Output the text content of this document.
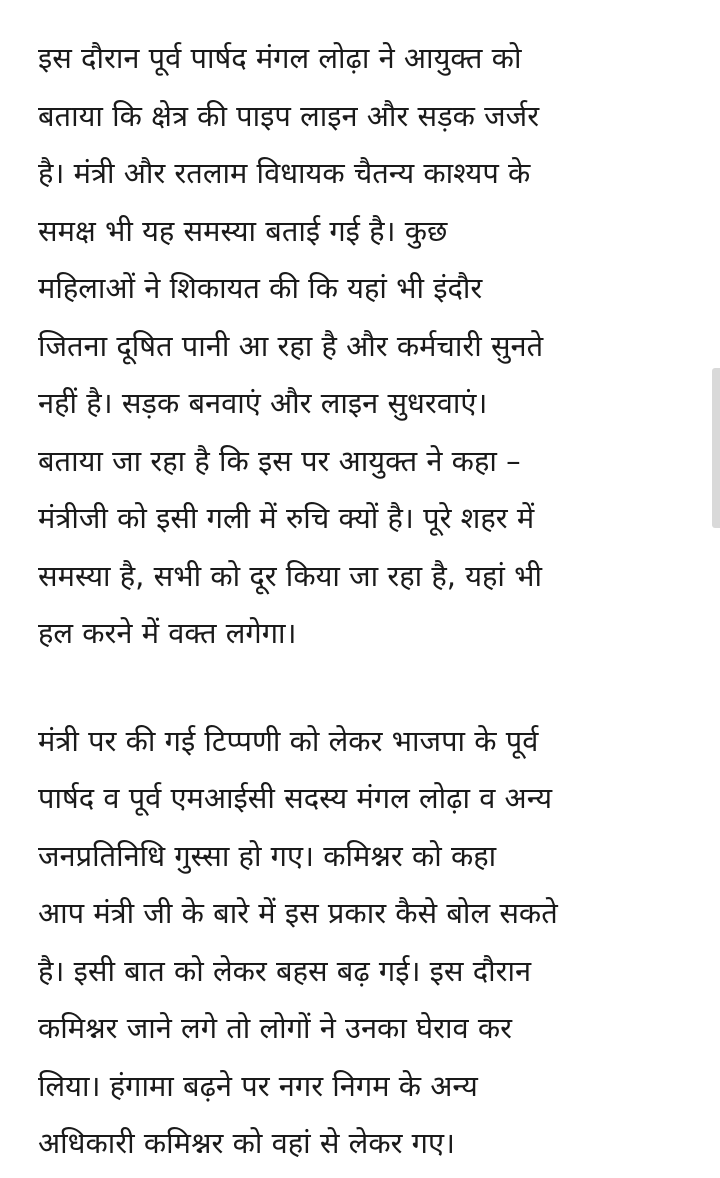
इस दौरान पूर्व पार्षद मंगल लोढ़ा ने आयुक्त को
बताया कि क्षेत्र की पाइप लाइन और सड़क जर्जर
है। मंत्री और रतलाम विधायक चैतन्य काश्यप के
समक्ष भी यह समस्या बताई गई है। कुछ
महिलाओं ने शिकायत की कि यहां भी इंदौर
जितना दूषित पानी आ रहा है और कर्मचारी सुनते
नहीं है। सड़क बनवाएं और लाइन सुधरवाएं।
बताया जा रहा है कि इस पर आयुक्त ने कहा –
मंत्रीजी को इसी गली में रुचि क्यों है। पूरे शहर में
समस्या है, सभी को दूर किया जा रहा है, यहां भी
हल करने में वक्त लगेगा।

मंत्री पर की गई टिप्पणी को लेकर भाजपा के पूर्व
पार्षद व पूर्व एमआईसी सदस्य मंगल लोढ़ा व अन्य
जनप्रतिनिधि गुस्सा हो गए। कमिश्नर को कहा
आप मंत्री जी के बारे में इस प्रकार कैसे बोल सकते
है। इसी बात को लेकर बहस बढ़ गई। इस दौरान
कमिश्नर जाने लगे तो लोगों ने उनका घेराव कर
लिया। हंगामा बढ़ने पर नगर निगम के अन्य
अधिकारी कमिश्नर को वहां से लेकर गए।
